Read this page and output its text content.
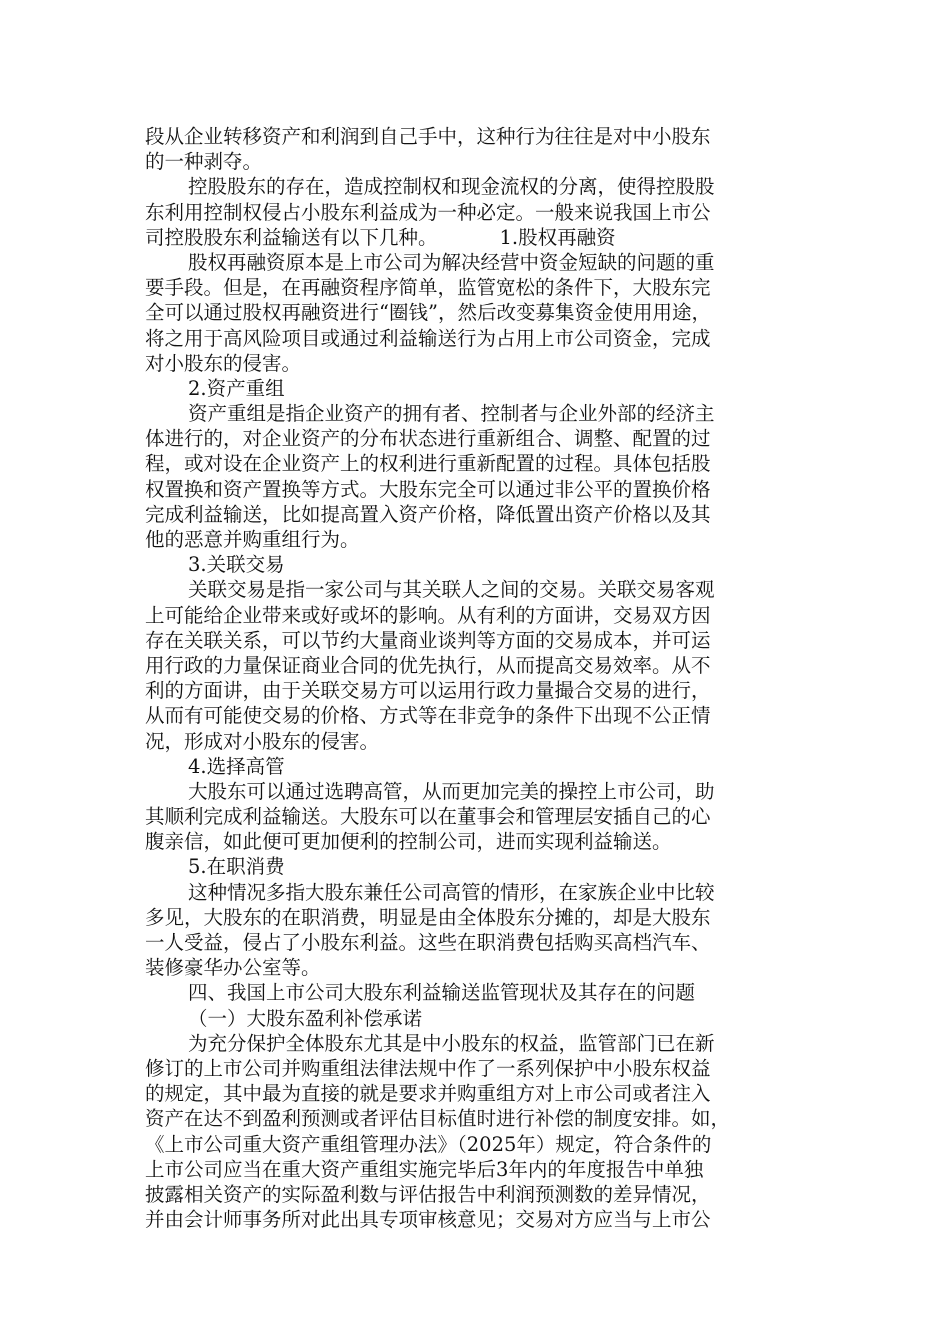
段从企业转移资产和利润到自己手中，这种行为往往是对中小股东
的一种剥夺。
控股股东的存在，造成控制权和现金流权的分离，使得控股股
东利用控制权侵占小股东利益成为一种必定。一般来说我国上市公
司控股股东利益输送有以下几种。          1.股权再融资
股权再融资原本是上市公司为解决经营中资金短缺的问题的重
要手段。但是，在再融资程序简单，监管宽松的条件下，大股东完
全可以通过股权再融资进行“圈钱”，然后改变募集资金使用用途，
将之用于高风险项目或通过利益输送行为占用上市公司资金，完成
对小股东的侵害。
2.资产重组
资产重组是指企业资产的拥有者、控制者与企业外部的经济主
体进行的，对企业资产的分布状态进行重新组合、调整、配置的过
程，或对设在企业资产上的权利进行重新配置的过程。具体包括股
权置换和资产置换等方式。大股东完全可以通过非公平的置换价格
完成利益输送，比如提高置入资产价格，降低置出资产价格以及其
他的恶意并购重组行为。
3.关联交易
关联交易是指一家公司与其关联人之间的交易。关联交易客观
上可能给企业带来或好或坏的影响。从有利的方面讲，交易双方因
存在关联关系，可以节约大量商业谈判等方面的交易成本，并可运
用行政的力量保证商业合同的优先执行，从而提高交易效率。从不
利的方面讲，由于关联交易方可以运用行政力量撮合交易的进行，
从而有可能使交易的价格、方式等在非竞争的条件下出现不公正情
况，形成对小股东的侵害。
4.选择高管
大股东可以通过选聘高管，从而更加完美的操控上市公司，助
其顺利完成利益输送。大股东可以在董事会和管理层安插自己的心
腹亲信，如此便可更加便利的控制公司，进而实现利益输送。
5.在职消费
这种情况多指大股东兼任公司高管的情形，在家族企业中比较
多见，大股东的在职消费，明显是由全体股东分摊的，却是大股东
一人受益，侵占了小股东利益。这些在职消费包括购买高档汽车、
装修豪华办公室等。
四、我国上市公司大股东利益输送监管现状及其存在的问题
（一）大股东盈利补偿承诺
为充分保护全体股东尤其是中小股东的权益，监管部门已在新
修订的上市公司并购重组法律法规中作了一系列保护中小股东权益
的规定，其中最为直接的就是要求并购重组方对上市公司或者注入
资产在达不到盈利预测或者评估目标值时进行补偿的制度安排。如，
《上市公司重大资产重组管理办法》（2025年）规定，符合条件的
上市公司应当在重大资产重组实施完毕后3年内的年度报告中单独
披露相关资产的实际盈利数与评估报告中利润预测数的差异情况，
并由会计师事务所对此出具专项审核意见；交易对方应当与上市公
